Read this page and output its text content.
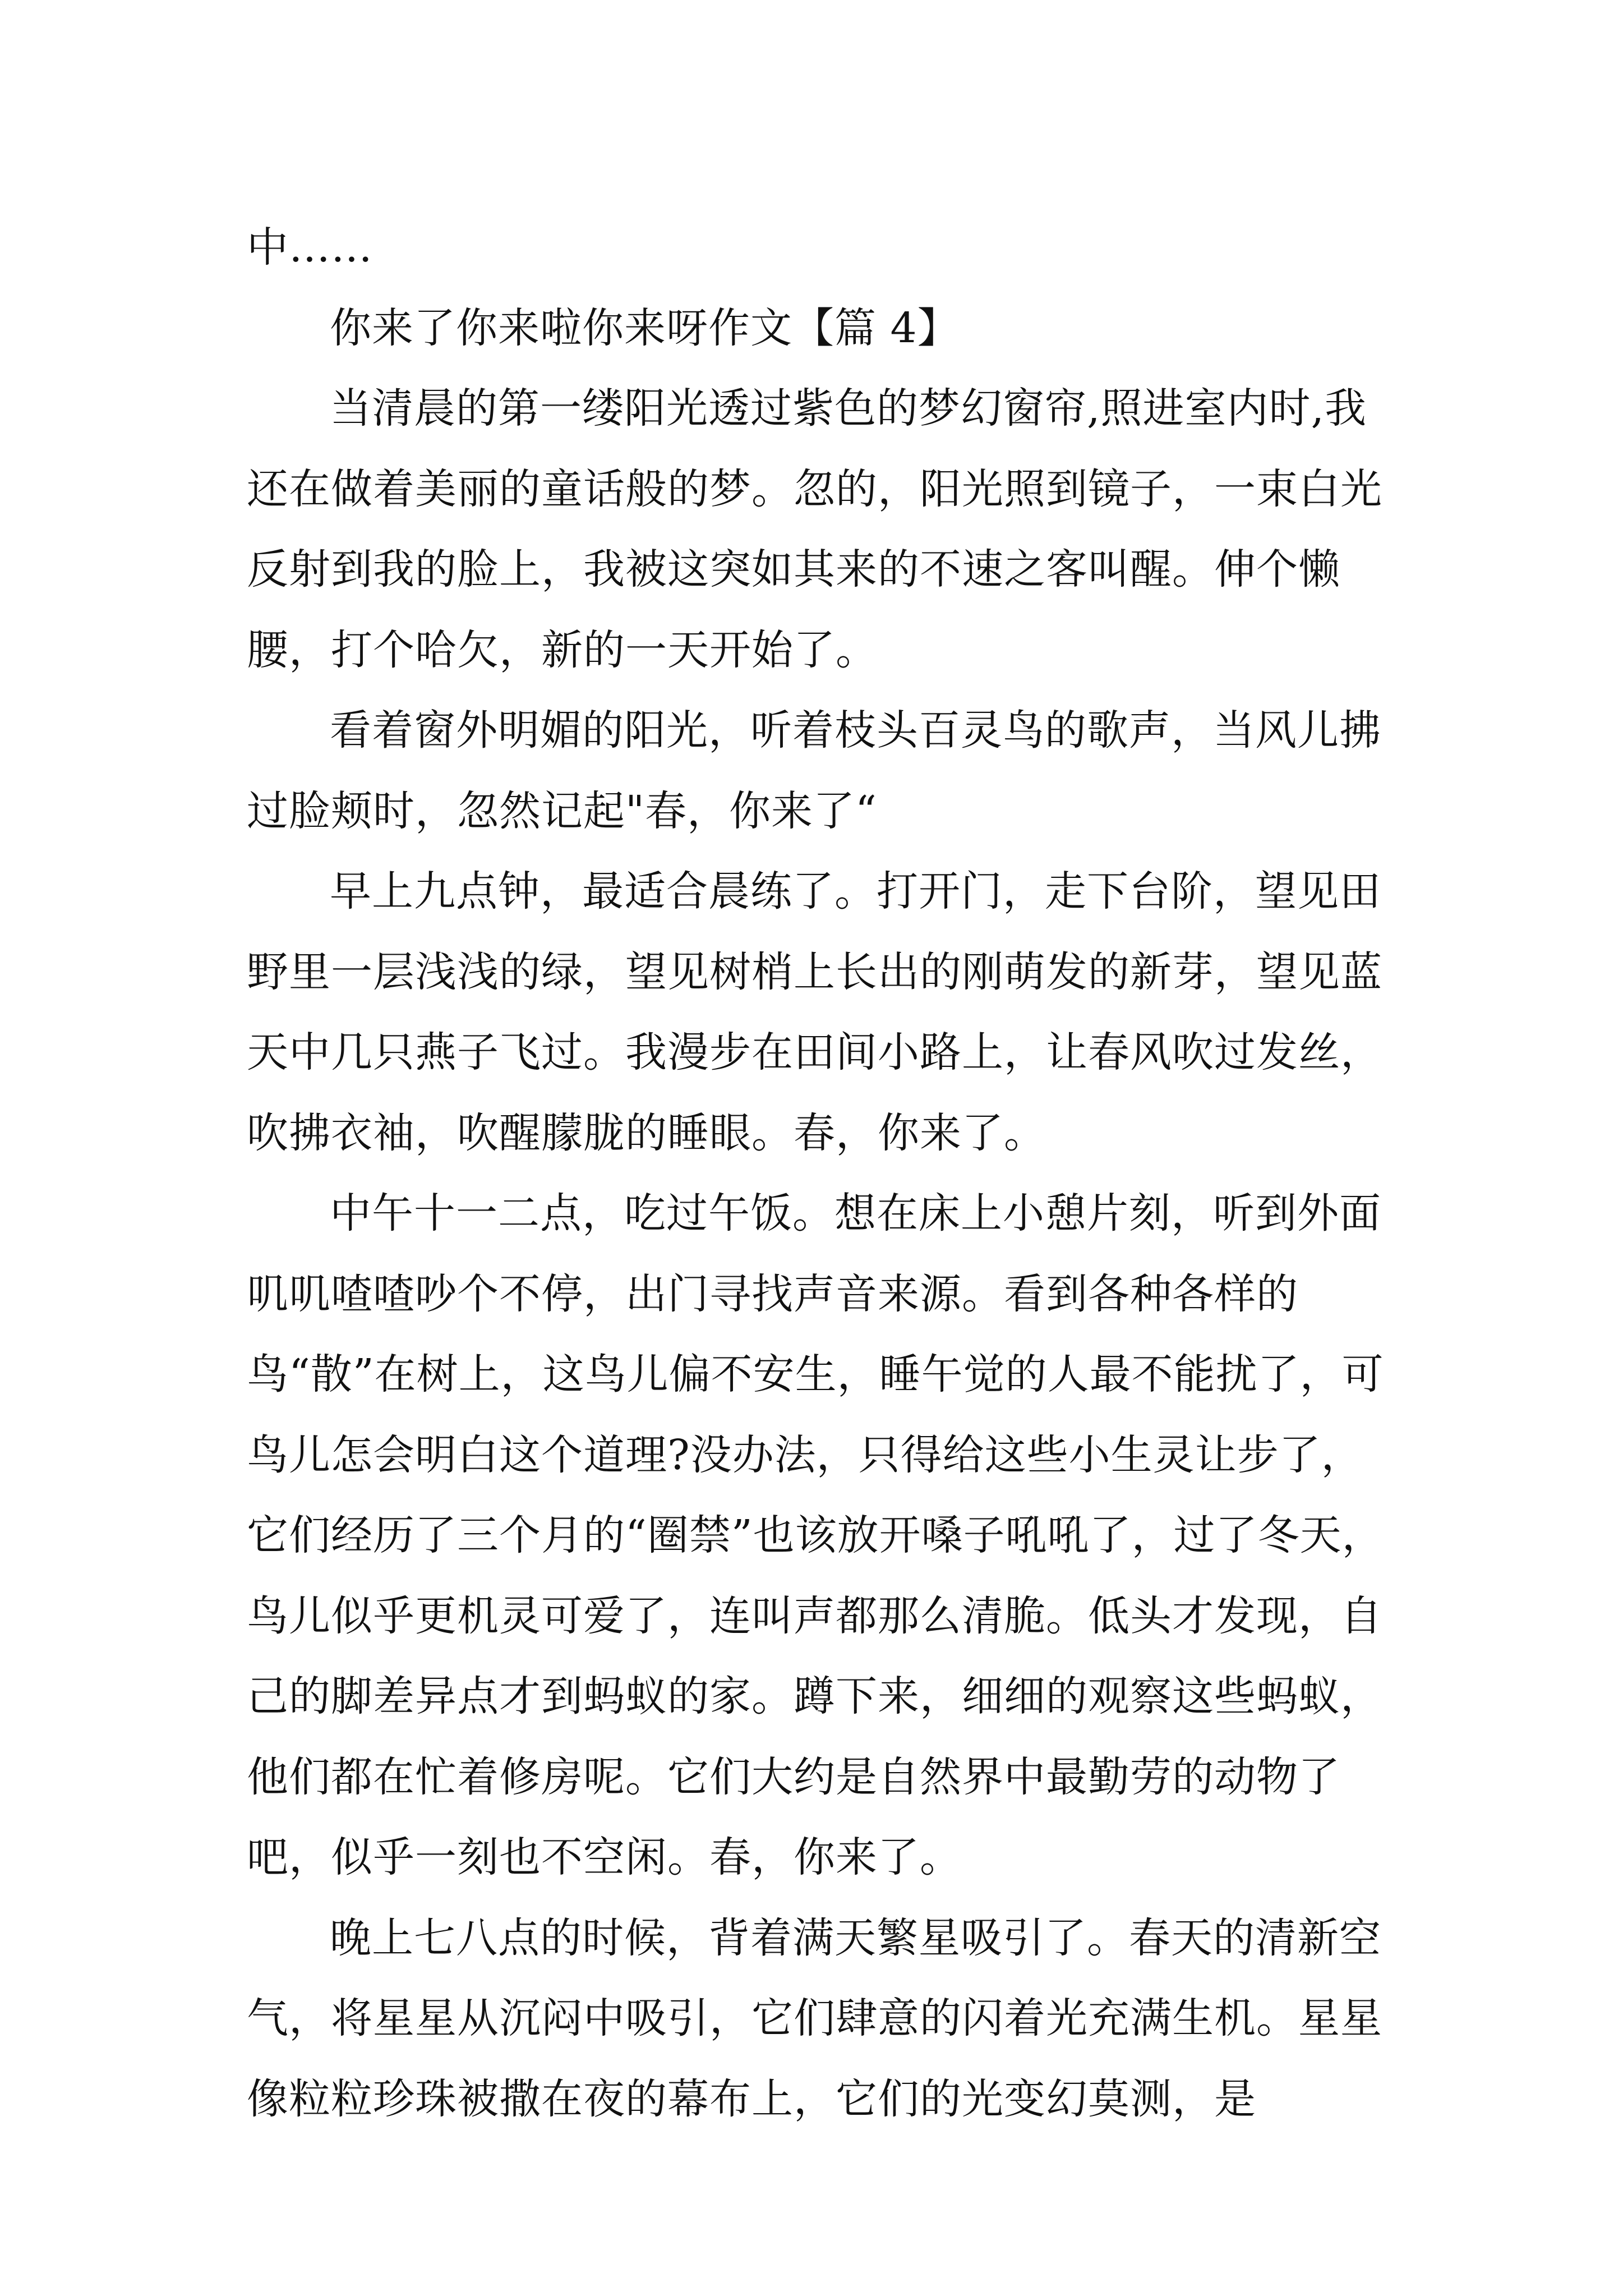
中……

你来了你来啦你来呀作文【篇 4】

当清晨的第一缕阳光透过紫色的梦幻窗帘,照进室内时,我还在做着美丽的童话般的梦。忽的，阳光照到镜子，一束白光反射到我的脸上，我被这突如其来的不速之客叫醒。伸个懒腰，打个哈欠，新的一天开始了。

看着窗外明媚的阳光，听着枝头百灵鸟的歌声，当风儿拂过脸颊时，忽然记起"春，你来了“

早上九点钟，最适合晨练了。打开门，走下台阶，望见田野里一层浅浅的绿，望见树梢上长出的刚萌发的新芽，望见蓝天中几只燕子飞过。我漫步在田间小路上，让春风吹过发丝，吹拂衣袖，吹醒朦胧的睡眼。春，你来了。

中午十一二点，吃过午饭。想在床上小憩片刻，听到外面叽叽喳喳吵个不停，出门寻找声音来源。看到各种各样的鸟“散”在树上，这鸟儿偏不安生，睡午觉的人最不能扰了，可鸟儿怎会明白这个道理?没办法，只得给这些小生灵让步了，它们经历了三个月的“圈禁”也该放开嗓子吼吼了，过了冬天，鸟儿似乎更机灵可爱了，连叫声都那么清脆。低头才发现，自己的脚差异点才到蚂蚁的家。蹲下来，细细的观察这些蚂蚁，他们都在忙着修房呢。它们大约是自然界中最勤劳的动物了吧，似乎一刻也不空闲。春，你来了。

晚上七八点的时候，背着满天繁星吸引了。春天的清新空气，将星星从沉闷中吸引，它们肆意的闪着光充满生机。星星像粒粒珍珠被撒在夜的幕布上，它们的光变幻莫测，是
